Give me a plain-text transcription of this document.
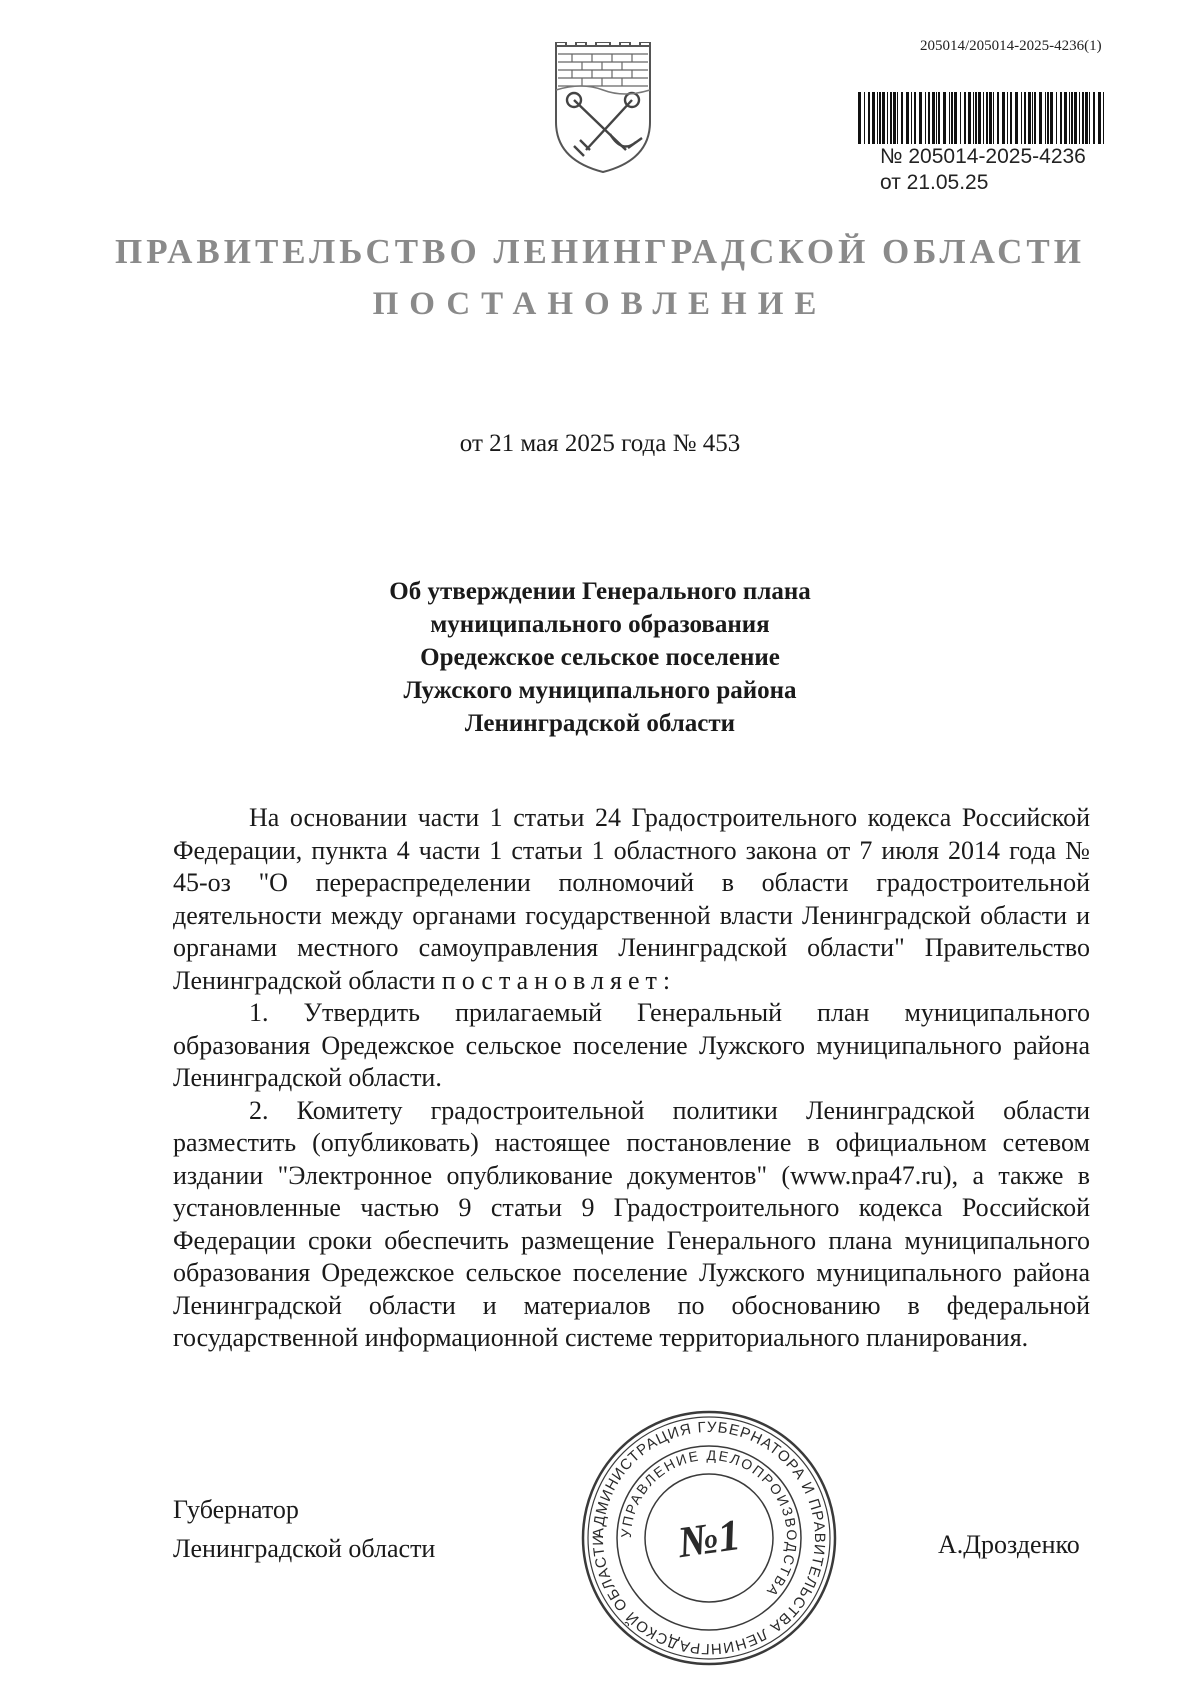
205014/205014-2025-4236(1)
№ 205014-2025-4236
от 21.05.25
ПРАВИТЕЛЬСТВО ЛЕНИНГРАДСКОЙ ОБЛАСТИ
ПОСТАНОВЛЕНИЕ
от 21 мая 2025 года № 453
Об утверждении Генерального плана
муниципального образования
Оредежское сельское поселение
Лужского муниципального района
Ленинградской области

На основании части 1 статьи 24 Градостроительного кодекса Российской Федерации, пункта 4 части 1 статьи 1 областного закона от 7 июля 2014 года № 45-оз "О перераспределении полномочий в области градостроительной деятельности между органами государственной власти Ленинградской области и органами местного самоуправления Ленинградской области" Правительство Ленинградской области постановляет:

1. Утвердить прилагаемый Генеральный план муниципального образования Оредежское сельское поселение Лужского муниципального района Ленинградской области.

2. Комитету градостроительной политики Ленинградской области разместить (опубликовать) настоящее постановление в официальном сетевом издании "Электронное опубликование документов" (www.npa47.ru), а также в установленные частью 9 статьи 9 Градостроительного кодекса Российской Федерации сроки обеспечить размещение Генерального плана муниципального образования Оредежское сельское поселение Лужского муниципального района Ленинградской области и материалов по обоснованию в федеральной государственной информационной системе территориального планирования.

Губернатор
Ленинградской области	А.Дрозденко
АДМИНИСТРАЦИЯ ГУБЕРНАТОРА И ПРАВИТЕЛЬСТВА ЛЕНИНГРАДСКОЙ ОБЛАСТИ
УПРАВЛЕНИЕ ДЕЛОПРОИЗВОДСТВА
№1
